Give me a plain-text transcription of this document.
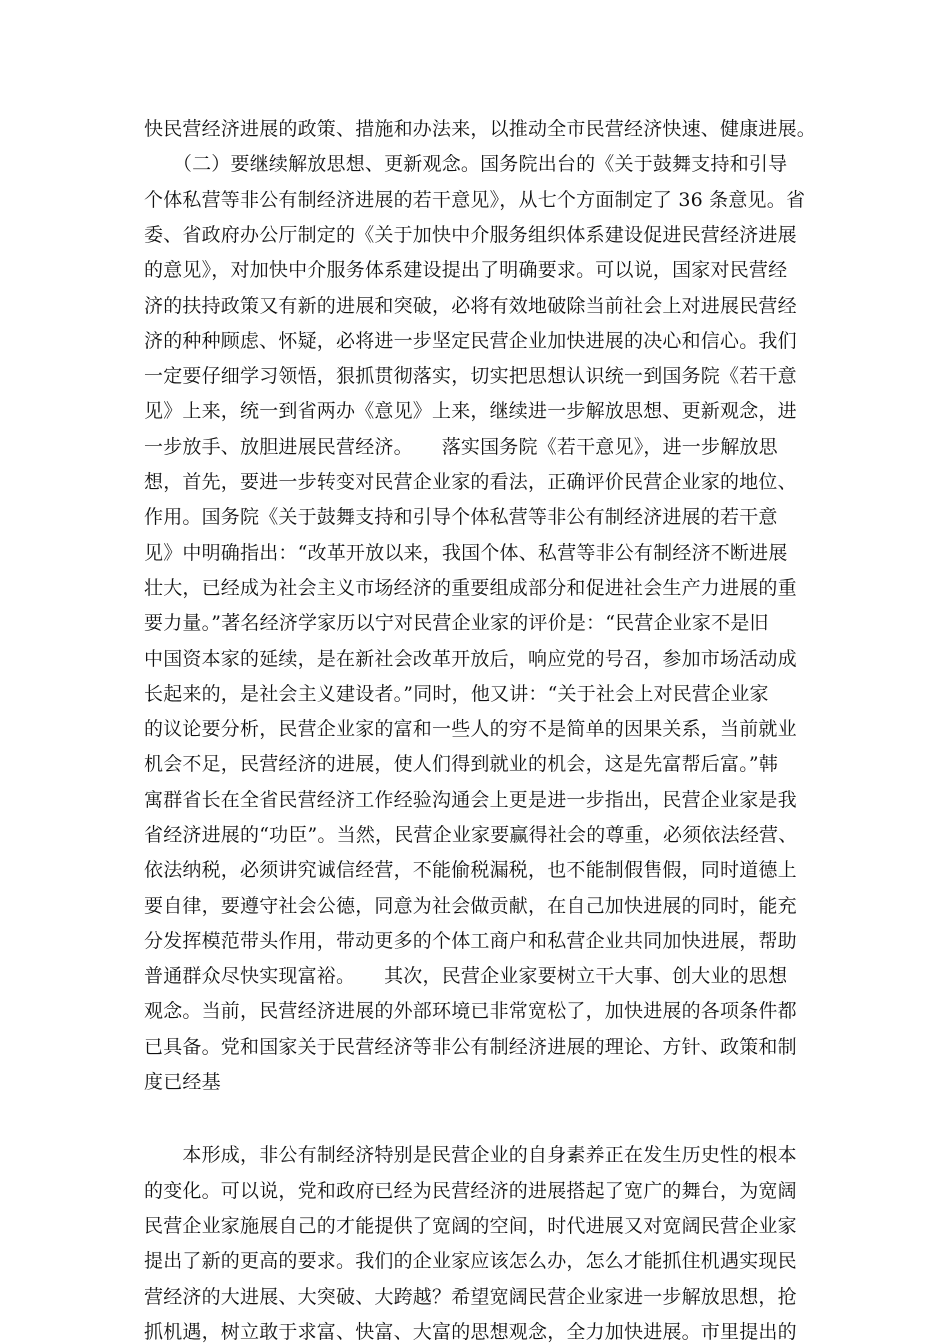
快民营经济进展的政策、措施和办法来，以推动全市民营经济快速、健康进展。
　　（二）要继续解放思想、更新观念。国务院出台的《关于鼓舞支持和引导
个体私营等非公有制经济进展的若干意见》，从七个方面制定了 36 条意见。省
委、省政府办公厅制定的《关于加快中介服务组织体系建设促进民营经济进展
的意见》，对加快中介服务体系建设提出了明确要求。可以说，国家对民营经
济的扶持政策又有新的进展和突破，必将有效地破除当前社会上对进展民营经
济的种种顾虑、怀疑，必将进一步坚定民营企业加快进展的决心和信心。我们
一定要仔细学习领悟，狠抓贯彻落实，切实把思想认识统一到国务院《若干意
见》上来，统一到省两办《意见》上来，继续进一步解放思想、更新观念，进
一步放手、放胆进展民营经济。　　落实国务院《若干意见》，进一步解放思
想，首先，要进一步转变对民营企业家的看法，正确评价民营企业家的地位、
作用。国务院《关于鼓舞支持和引导个体私营等非公有制经济进展的若干意
见》中明确指出：“改革开放以来，我国个体、私营等非公有制经济不断进展
壮大，已经成为社会主义市场经济的重要组成部分和促进社会生产力进展的重
要力量。”著名经济学家历以宁对民营企业家的评价是：“民营企业家不是旧
中国资本家的延续，是在新社会改革开放后，响应党的号召，参加市场活动成
长起来的，是社会主义建设者。”同时，他又讲：“关于社会上对民营企业家
的议论要分析，民营企业家的富和一些人的穷不是简单的因果关系，当前就业
机会不足，民营经济的进展，使人们得到就业的机会，这是先富帮后富。”韩
寓群省长在全省民营经济工作经验沟通会上更是进一步指出，民营企业家是我
省经济进展的“功臣”。当然，民营企业家要赢得社会的尊重，必须依法经营、
依法纳税，必须讲究诚信经营，不能偷税漏税，也不能制假售假，同时道德上
要自律，要遵守社会公德，同意为社会做贡献，在自己加快进展的同时，能充
分发挥模范带头作用，带动更多的个体工商户和私营企业共同加快进展，帮助
普通群众尽快实现富裕。　　其次，民营企业家要树立干大事、创大业的思想
观念。当前，民营经济进展的外部环境已非常宽松了，加快进展的各项条件都
已具备。党和国家关于民营经济等非公有制经济进展的理论、方针、政策和制
度已经基
　　本形成，非公有制经济特别是民营企业的自身素养正在发生历史性的根本
的变化。可以说，党和政府已经为民营经济的进展搭起了宽广的舞台，为宽阔
民营企业家施展自己的才能提供了宽阔的空间，时代进展又对宽阔民营企业家
提出了新的更高的要求。我们的企业家应该怎么办，怎么才能抓住机遇实现民
营经济的大进展、大突破、大跨越？希望宽阔民营企业家进一步解放思想，抢
抓机遇，树立敢于求富、快富、大富的思想观念，全力加快进展。市里提出的
